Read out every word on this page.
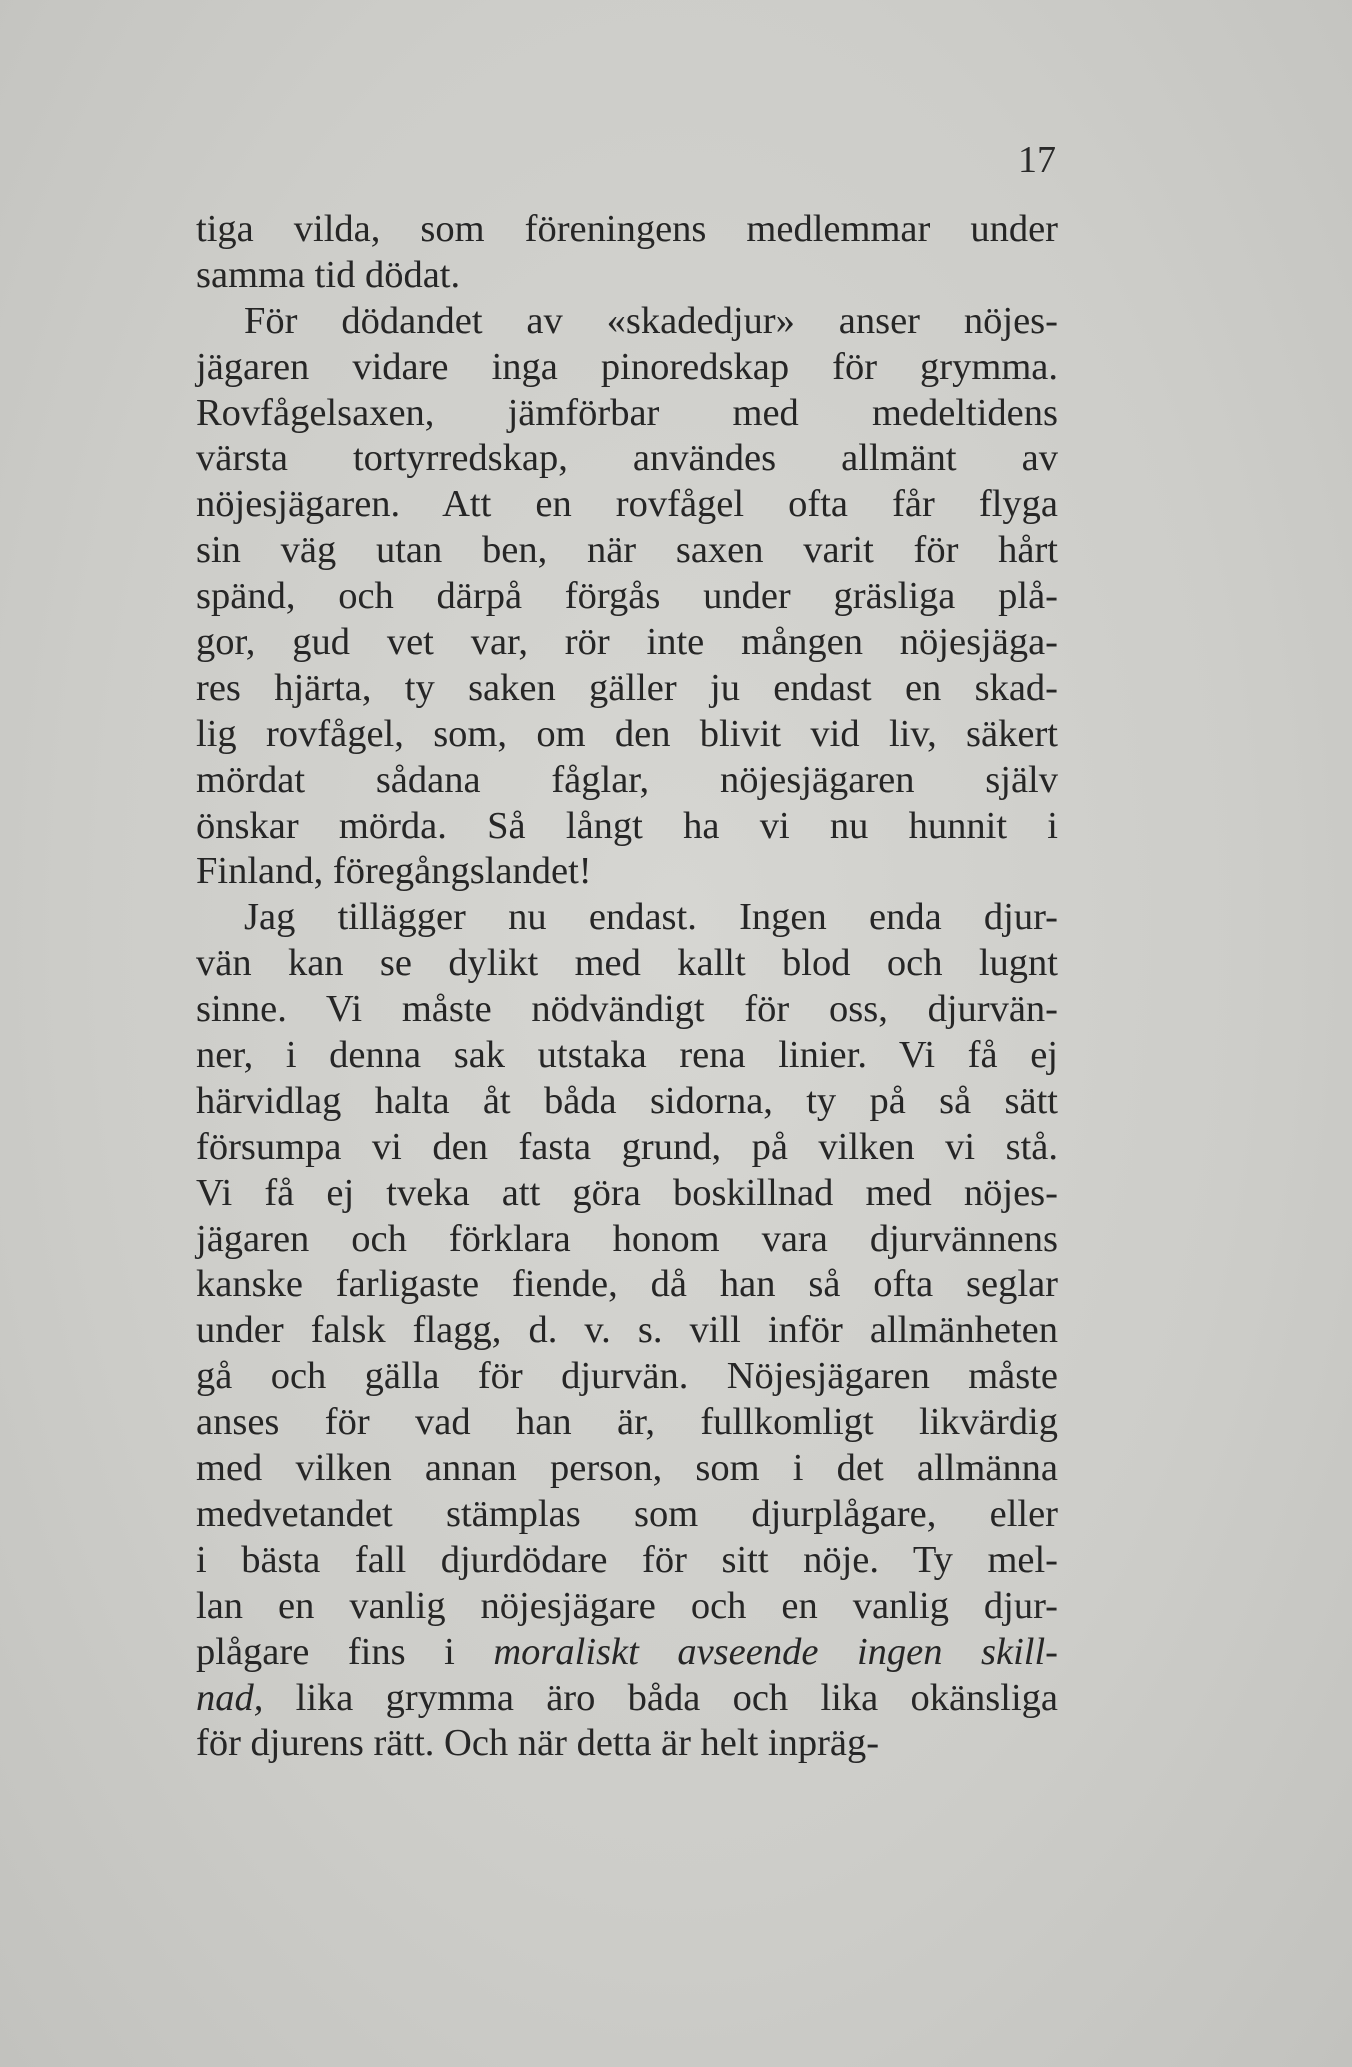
17
tiga vilda, som föreningens medlemmar under
samma tid dödat.
För dödandet av «skadedjur» anser nöjes-
jägaren vidare inga pinoredskap för grymma.
Rovfågelsaxen, jämförbar med medeltidens
värsta tortyrredskap, användes allmänt av
nöjesjägaren. Att en rovfågel ofta får flyga
sin väg utan ben, när saxen varit för hårt
spänd, och därpå förgås under gräsliga plå-
gor, gud vet var, rör inte mången nöjesjäga-
res hjärta, ty saken gäller ju endast en skad-
lig rovfågel, som, om den blivit vid liv, säkert
mördat sådana fåglar, nöjesjägaren själv
önskar mörda. Så långt ha vi nu hunnit i
Finland, föregångslandet!
Jag tillägger nu endast. Ingen enda djur-
vän kan se dylikt med kallt blod och lugnt
sinne. Vi måste nödvändigt för oss, djurvän-
ner, i denna sak utstaka rena linier. Vi få ej
härvidlag halta åt båda sidorna, ty på så sätt
försumpa vi den fasta grund, på vilken vi stå.
Vi få ej tveka att göra boskillnad med nöjes-
jägaren och förklara honom vara djurvännens
kanske farligaste fiende, då han så ofta seglar
under falsk flagg, d. v. s. vill inför allmänheten
gå och gälla för djurvän. Nöjesjägaren måste
anses för vad han är, fullkomligt likvärdig
med vilken annan person, som i det allmänna
medvetandet stämplas som djurplågare, eller
i bästa fall djurdödare för sitt nöje. Ty mel-
lan en vanlig nöjesjägare och en vanlig djur-
plågare fins i moraliskt avseende ingen skill-
nad, lika grymma äro båda och lika okänsliga
för djurens rätt. Och när detta är helt inpräg-
